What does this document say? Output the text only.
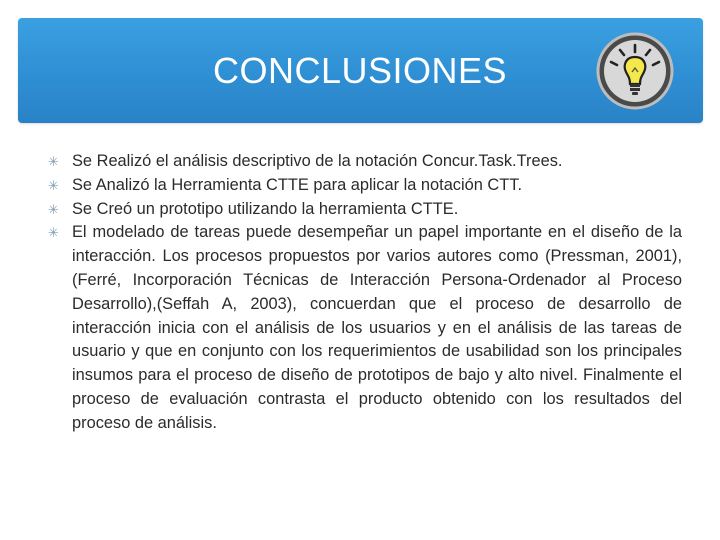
CONCLUSIONES
✳ Se Realizó el análisis descriptivo de la notación Concur.Task.Trees.
✳ Se Analizó la Herramienta CTTE para aplicar la notación CTT.
✳ Se Creó un prototipo utilizando la herramienta CTTE.
✳ El modelado de tareas puede desempeñar un papel importante en el diseño de la interacción. Los procesos propuestos por varios autores como (Pressman, 2001),(Ferré, Incorporación Técnicas de Interacción Persona-Ordenador al Proceso Desarrollo),(Seffah A, 2003), concuerdan que el proceso de desarrollo de interacción inicia con el análisis de los usuarios y en el análisis de las tareas de usuario y que en conjunto con los requerimientos de usabilidad son los principales insumos para el proceso de diseño de prototipos de bajo y alto nivel. Finalmente el proceso de evaluación contrasta el producto obtenido con los resultados del proceso de análisis.
